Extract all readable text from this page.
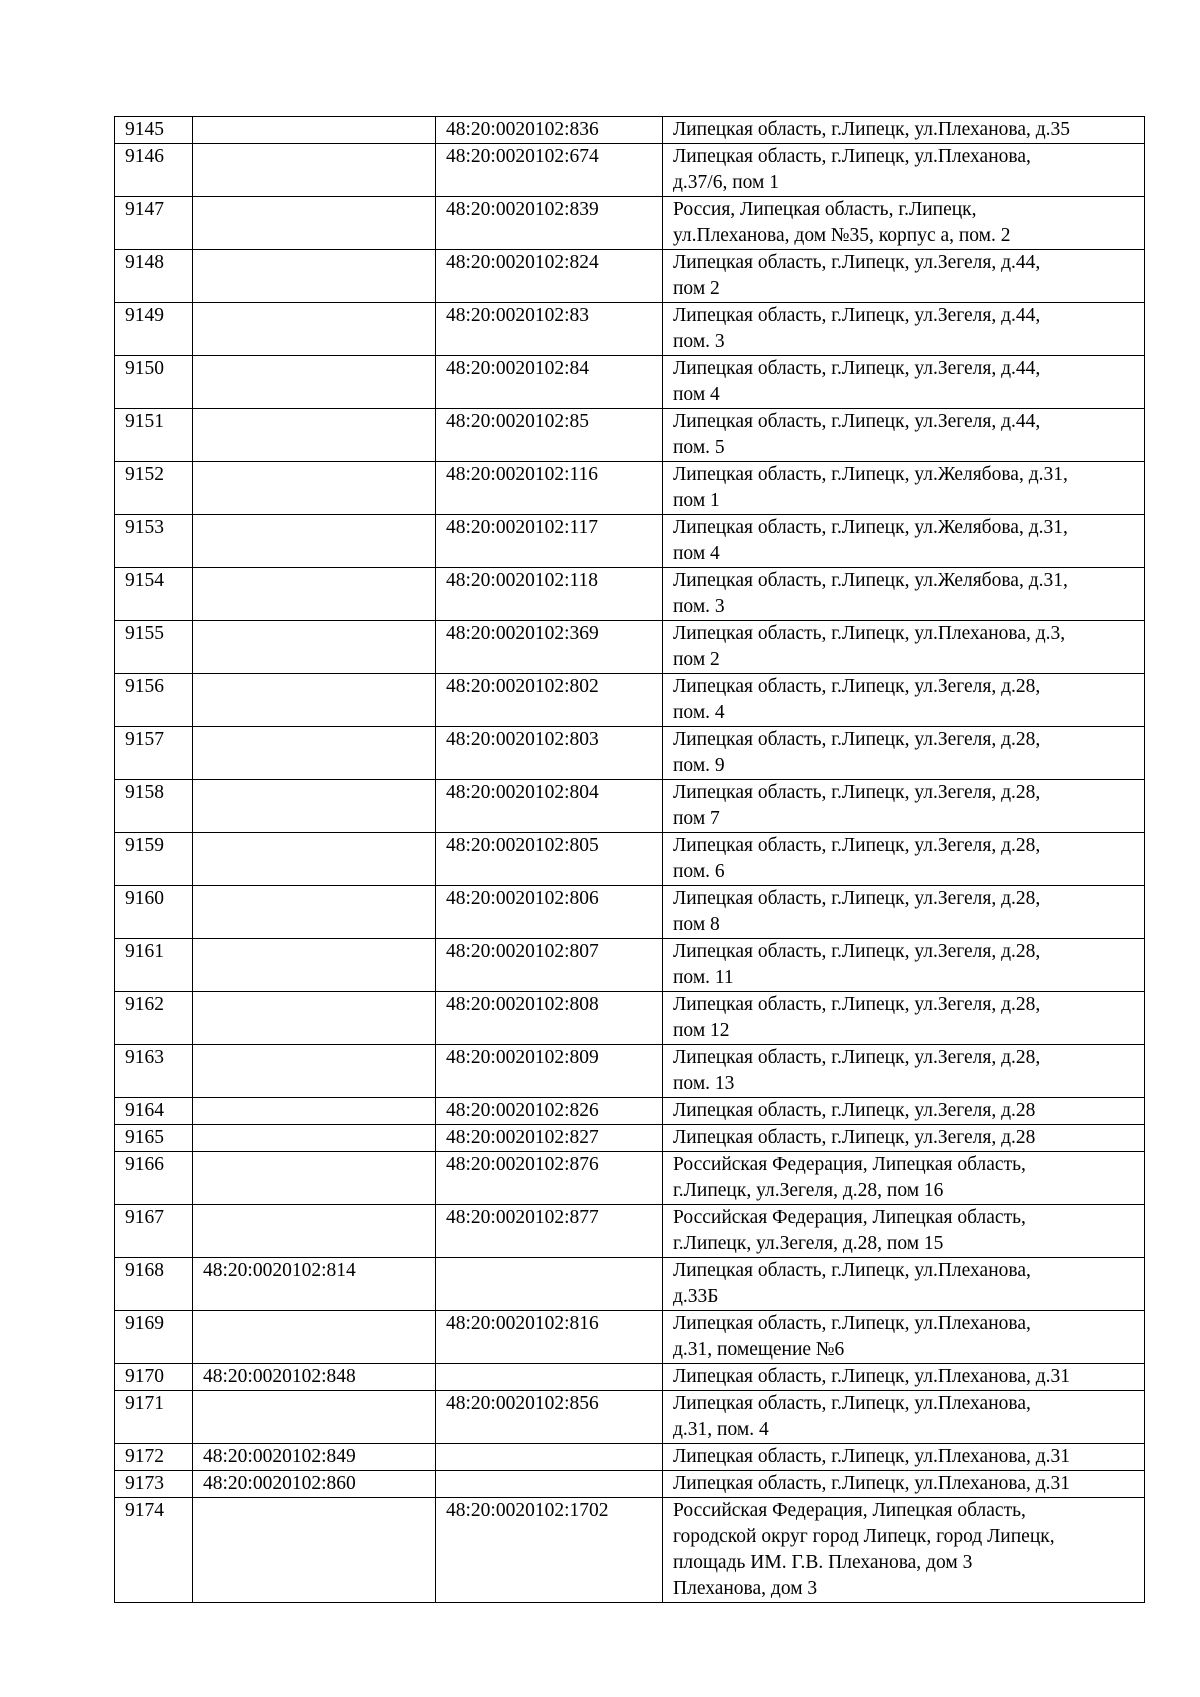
9145		48:20:0020102:836	Липецкая область, г.Липецк, ул.Плеханова, д.35

9146		48:20:0020102:674	Липецкая область, г.Липецк, ул.Плеханова,
д.37/6, пом 1

9147		48:20:0020102:839	Россия, Липецкая область, г.Липецк,
ул.Плеханова, дом №35, корпус а, пом. 2

9148		48:20:0020102:824	Липецкая область, г.Липецк, ул.Зегеля, д.44,
пом 2

9149		48:20:0020102:83	Липецкая область, г.Липецк, ул.Зегеля, д.44,
пом. 3

9150		48:20:0020102:84	Липецкая область, г.Липецк, ул.Зегеля, д.44,
пом 4

9151		48:20:0020102:85	Липецкая область, г.Липецк, ул.Зегеля, д.44,
пом. 5

9152		48:20:0020102:116	Липецкая область, г.Липецк, ул.Желябова, д.31,
пом 1

9153		48:20:0020102:117	Липецкая область, г.Липецк, ул.Желябова, д.31,
пом 4

9154		48:20:0020102:118	Липецкая область, г.Липецк, ул.Желябова, д.31,
пом. 3

9155		48:20:0020102:369	Липецкая область, г.Липецк, ул.Плеханова, д.3,
пом 2

9156		48:20:0020102:802	Липецкая область, г.Липецк, ул.Зегеля, д.28,
пом. 4

9157		48:20:0020102:803	Липецкая область, г.Липецк, ул.Зегеля, д.28,
пом. 9

9158		48:20:0020102:804	Липецкая область, г.Липецк, ул.Зегеля, д.28,
пом 7

9159		48:20:0020102:805	Липецкая область, г.Липецк, ул.Зегеля, д.28,
пом. 6

9160		48:20:0020102:806	Липецкая область, г.Липецк, ул.Зегеля, д.28,
пом 8

9161		48:20:0020102:807	Липецкая область, г.Липецк, ул.Зегеля, д.28,
пом. 11

9162		48:20:0020102:808	Липецкая область, г.Липецк, ул.Зегеля, д.28,
пом 12

9163		48:20:0020102:809	Липецкая область, г.Липецк, ул.Зегеля, д.28,
пом. 13

9164		48:20:0020102:826	Липецкая область, г.Липецк, ул.Зегеля, д.28

9165		48:20:0020102:827	Липецкая область, г.Липецк, ул.Зегеля, д.28

9166		48:20:0020102:876	Российская Федерация, Липецкая область,
г.Липецк, ул.Зегеля, д.28, пом 16

9167		48:20:0020102:877	Российская Федерация, Липецкая область,
г.Липецк, ул.Зегеля, д.28, пом 15

9168	48:20:0020102:814		Липецкая область, г.Липецк, ул.Плеханова,
д.33Б

9169		48:20:0020102:816	Липецкая область, г.Липецк, ул.Плеханова,
д.31, помещение №6

9170	48:20:0020102:848		Липецкая область, г.Липецк, ул.Плеханова, д.31

9171		48:20:0020102:856	Липецкая область, г.Липецк, ул.Плеханова,
д.31, пом. 4

9172	48:20:0020102:849		Липецкая область, г.Липецк, ул.Плеханова, д.31

9173	48:20:0020102:860		Липецкая область, г.Липецк, ул.Плеханова, д.31

9174		48:20:0020102:1702	Российская Федерация, Липецкая область,
городской округ город Липецк, город Липецк,
площадь ИМ. Г.В. Плеханова, дом 3
Плеханова, дом 3
